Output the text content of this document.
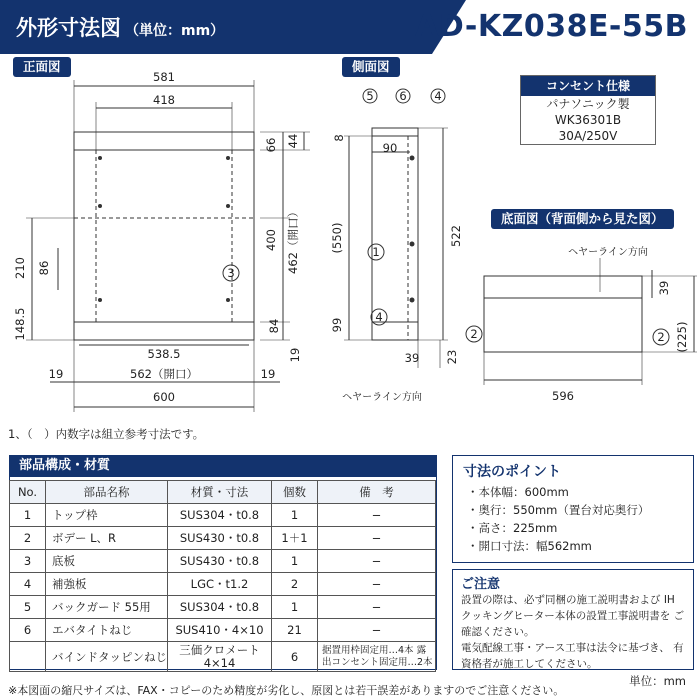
外形寸法図 （単位：mm）	AD-KZ038E-55B
正面図	側面図
底面図（背面側から見た図）
581
418
66 44
400 462（開口）
210 86
148.5	84
19
538.5
562（開口）
19	19
600
3
5 6 4
1
4
8
90
(550)	522
99
39 23
ヘヤーライン方向
ヘヤーライン方向
39
(225)
596
2	2
コンセント仕様
パナソニック製
WK36301B
30A/250V
1、（　）内数字は組立参考寸法です。
部品構成・材質
No.	部品名称	材質・寸法	個数	備　考
1	トップ枠	SUS304・t0.8	1	−
2	ボデー L、R	SUS430・t0.8	1＋1	−
3	底板	SUS430・t0.8	1	−
4	補強板	LGC・t1.2	2	−
5	バックガード 55用	SUS304・t0.8	1	−
6	エバタイトねじ	SUS410・4×10	21	−
	バインドタッピンねじ	三価クロメート 4×14	6	据置用枠固定用…4本 露出コンセント固定用…2本
寸法のポイント
・本体幅：600mm
・奥行：550mm（置台対応奥行）
・高さ：225mm
・開口寸法：幅562mm
ご注意
設置の際は、必ず同梱の施工説明書および IHクッキングヒーター本体の設置工事説明書を ご確認ください。
電気配線工事・アース工事は法令に基づき、 有資格者が施工してください。
単位：mm
※本図面の縮尺サイズは、FAX・コピーのため精度が劣化し、原図とは若干誤差がありますのでご注意ください。
